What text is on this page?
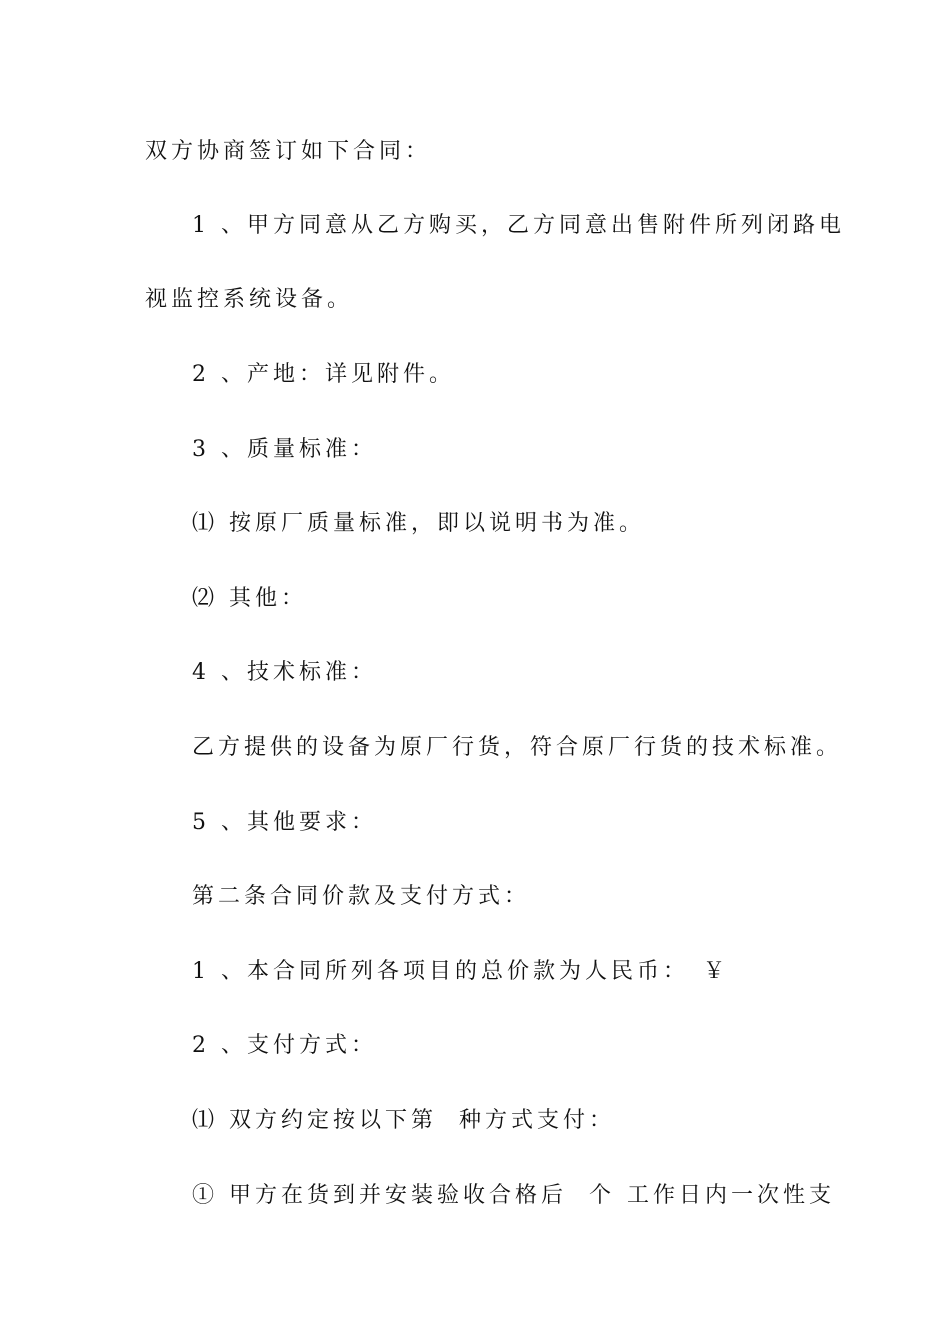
双方协商签订如下合同：

1 、甲方同意从乙方购买，乙方同意出售附件所列闭路电

视监控系统设备。

2 、产地：详见附件。

3 、质量标准：

⑴ 按原厂质量标准，即以说明书为准。

⑵ 其他：

4 、技术标准：

乙方提供的设备为原厂行货，符合原厂行货的技术标准。

5 、其他要求：

第二条合同价款及支付方式：

1 、本合同所列各项目的总价款为人民币： ￥

2 、支付方式：

⑴ 双方约定按以下第 种方式支付：

① 甲方在货到并安装验收合格后 个 工作日内一次性支
